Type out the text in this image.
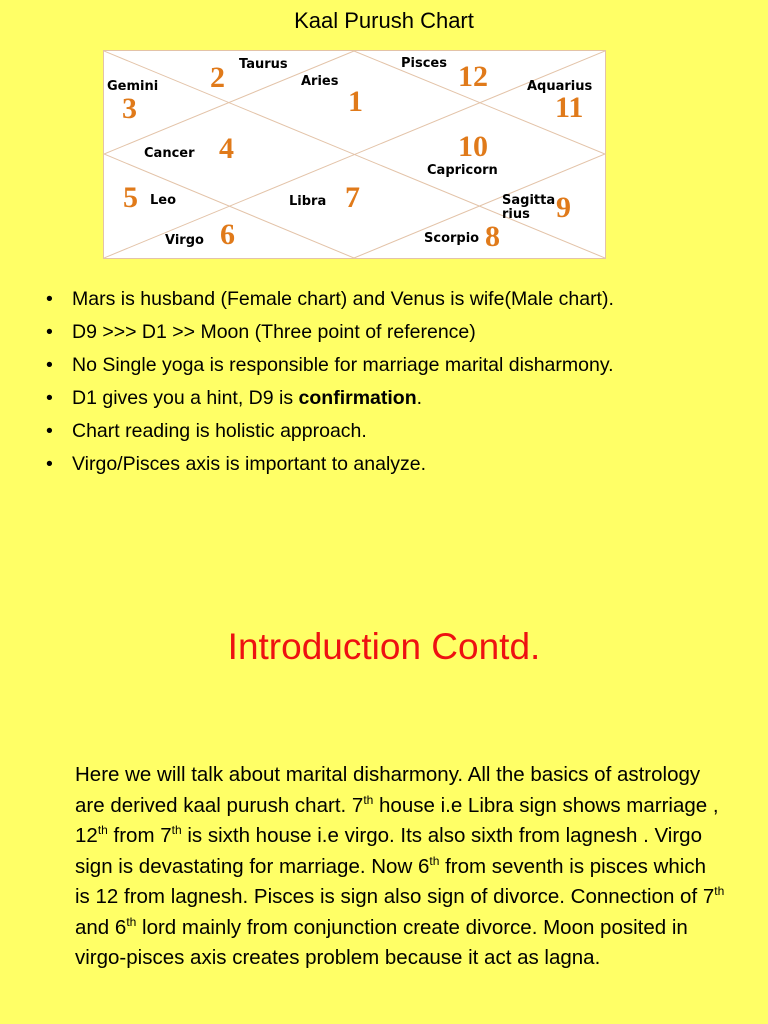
Kaal Purush Chart
Taurus
2	Aries
1
Pisces 12
Gemini
3
Aquarius
11
Cancer 4	10
Capricorn
5 Leo	Libra 7	Sagitta rius 9
Virgo 6	Scorpio 8
• Mars is husband (Female chart) and Venus is wife(Male chart).
• D9 >>> D1 >> Moon (Three point of reference)
• No Single yoga is responsible for marriage marital disharmony.
• D1 gives you a hint, D9 is confirmation.
• Chart reading is holistic approach.
• Virgo/Pisces axis is important to analyze.
Introduction Contd.
Here we will talk about marital disharmony. All the basics of astrology are derived kaal purush chart. 7th house i.e Libra sign shows marriage , 12th from 7th is sixth house i.e virgo. Its also sixth from lagnesh . Virgo sign is devastating for marriage. Now 6th from seventh is pisces which is 12 from lagnesh. Pisces is sign also sign of divorce. Connection of 7th and 6th lord mainly from conjunction create divorce. Moon posited in virgo-pisces axis creates problem because it act as lagna.
